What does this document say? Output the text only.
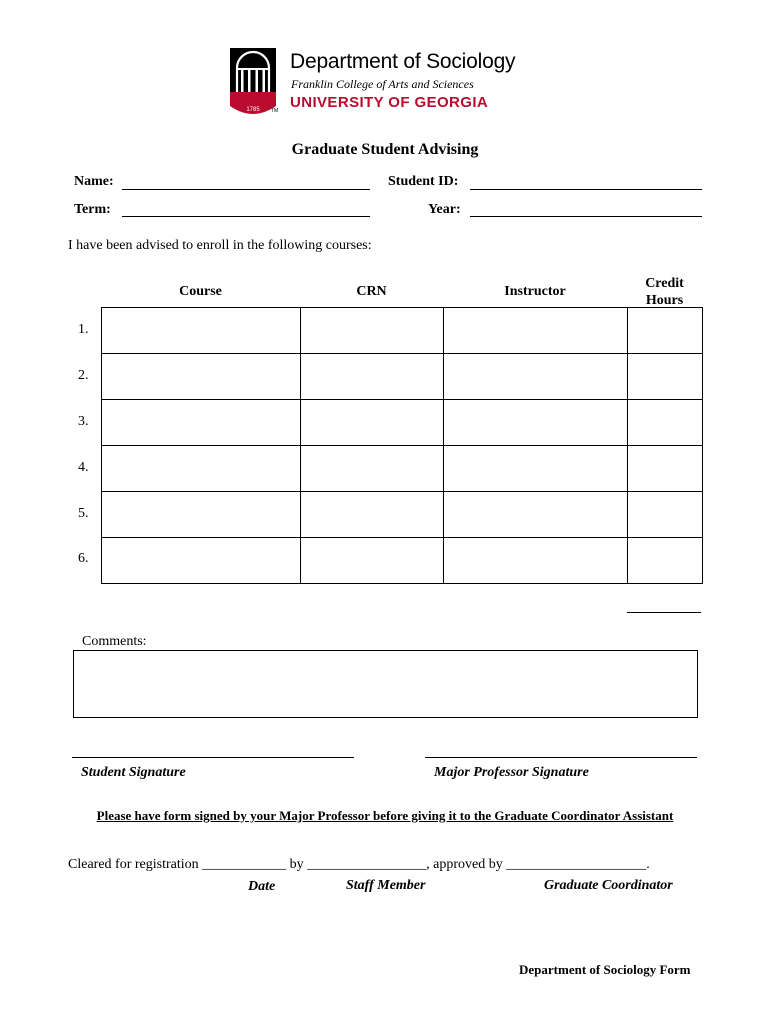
1785
Department of Sociology
Franklin College of Arts and Sciences
UNIVERSITY OF GEORGIA
TM
Graduate Student Advising
Name:	Student ID:
Term:	Year:
I have been advised to enroll in the following courses:
Course	CRN	Instructor
Credit
Hours

1.
2.
3.
4.
5.
6.
Comments:
Student Signature	Major Professor Signature
Please have form signed by your Major Professor before giving it to the Graduate Coordinator Assistant
Cleared for registration ____________ by _________________, approved by ____________________.
Date	Staff Member	Graduate Coordinator
Department of Sociology Form
